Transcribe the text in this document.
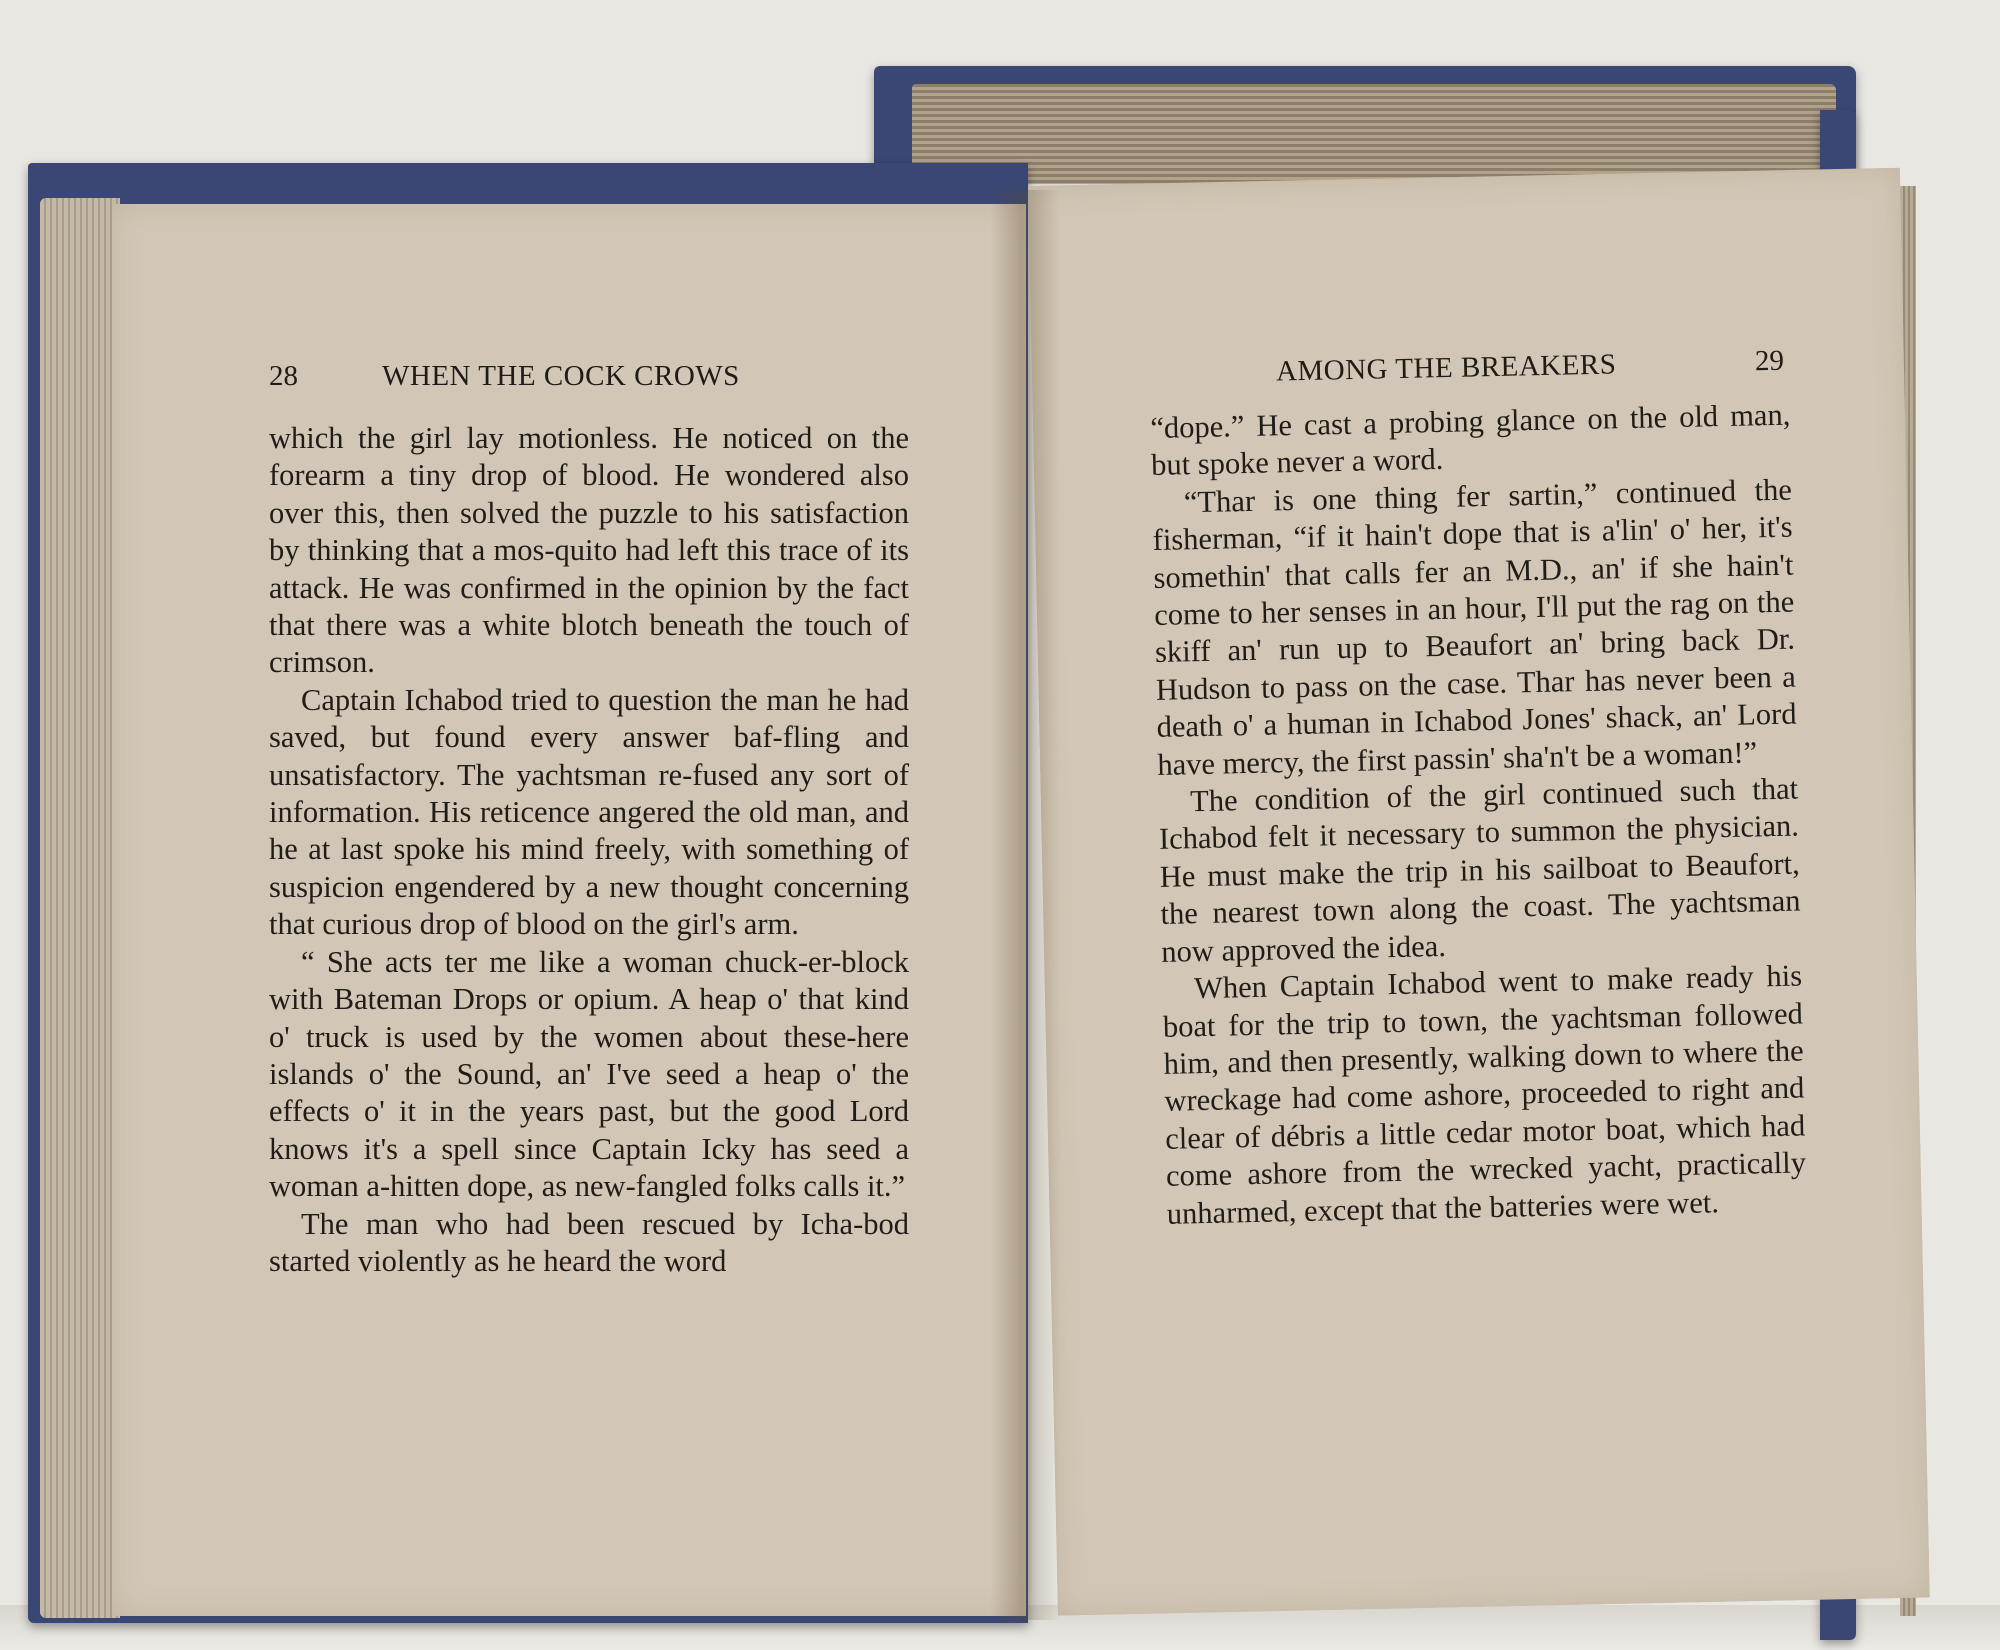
28	WHEN THE COCK CROWS

which the girl lay motionless. He noticed on the forearm a tiny drop of blood. He wondered also over this, then solved the puzzle to his satisfaction by thinking that a mos-quito had left this trace of its attack. He was confirmed in the opinion by the fact that there was a white blotch beneath the touch of crimson.

Captain Ichabod tried to question the man he had saved, but found every answer baf-fling and unsatisfactory. The yachtsman re-fused any sort of information. His reticence angered the old man, and he at last spoke his mind freely, with something of suspicion engendered by a new thought concerning that curious drop of blood on the girl's arm.

“ She acts ter me like a woman chuck-er-block with Bateman Drops or opium. A heap o' that kind o' truck is used by the women about these-here islands o' the Sound, an' I've seed a heap o' the effects o' it in the years past, but the good Lord knows it's a spell since Captain Icky has seed a woman a-hitten dope, as new-fangled folks calls it.”

The man who had been rescued by Icha-bod started violently as he heard the word

AMONG THE BREAKERS	29

“dope.” He cast a probing glance on the old man, but spoke never a word.

“Thar is one thing fer sartin,” continued the fisherman, “if it hain't dope that is a'lin' o' her, it's somethin' that calls fer an M.D., an' if she hain't come to her senses in an hour, I'll put the rag on the skiff an' run up to Beaufort an' bring back Dr. Hudson to pass on the case. Thar has never been a death o' a human in Ichabod Jones' shack, an' Lord have mercy, the first passin' sha'n't be a woman!”

The condition of the girl continued such that Ichabod felt it necessary to summon the physician. He must make the trip in his sailboat to Beaufort, the nearest town along the coast. The yachtsman now approved the idea.

When Captain Ichabod went to make ready his boat for the trip to town, the yachtsman followed him, and then presently, walking down to where the wreckage had come ashore, proceeded to right and clear of débris a little cedar motor boat, which had come ashore from the wrecked yacht, practically unharmed, except that the batteries were wet.
